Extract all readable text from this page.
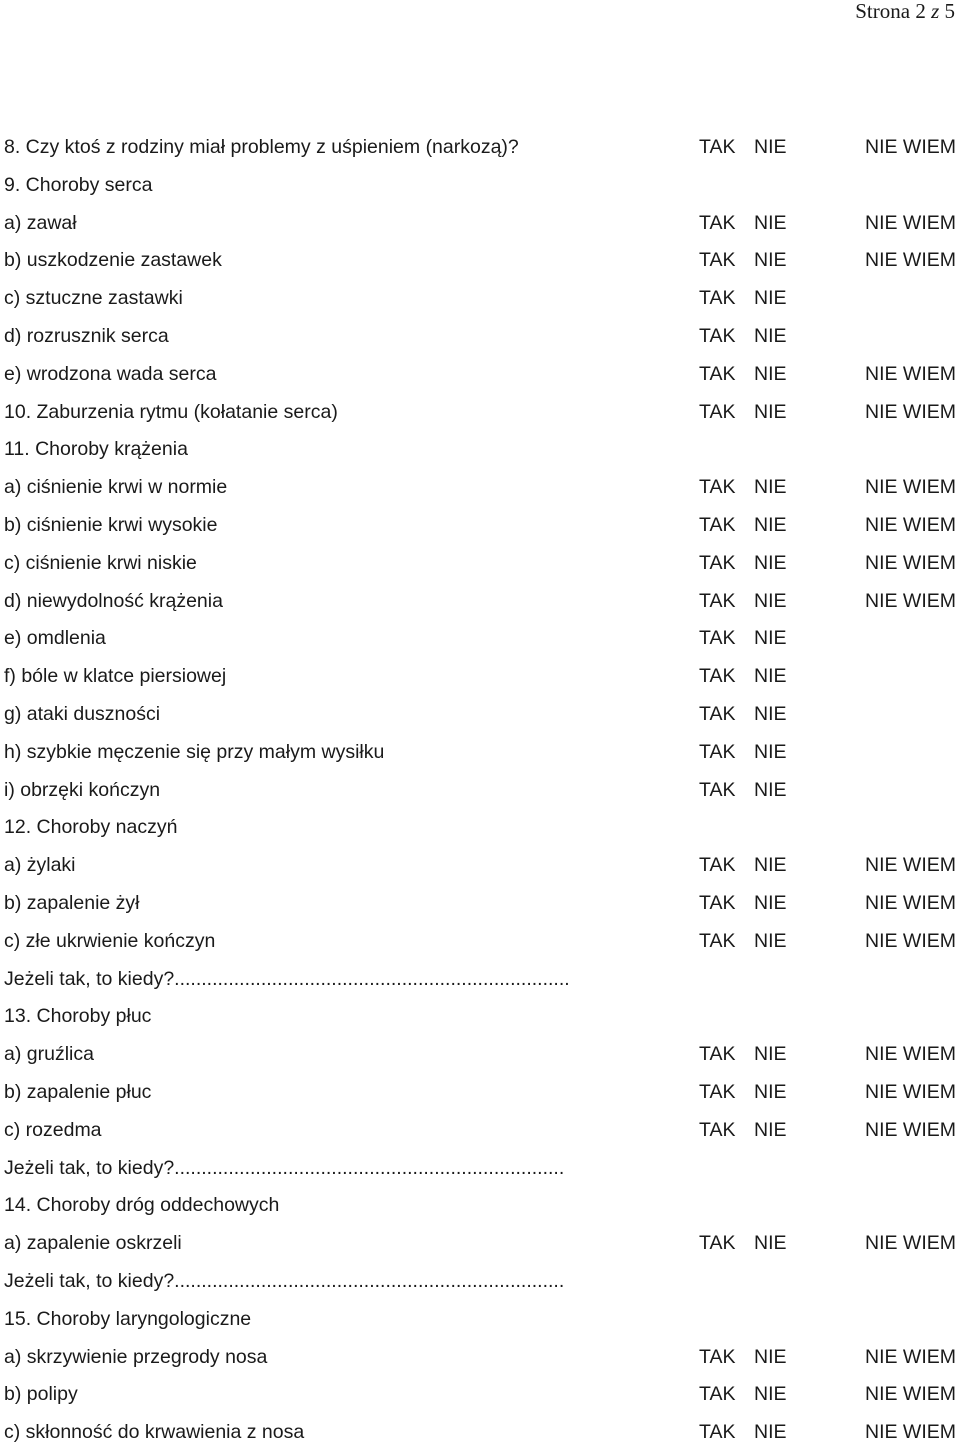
Strona 2 z 5
8. Czy ktoś z rodziny miał problemy z uśpieniem (narkozą)?	TAK NIE	NIE WIEM
9. Choroby serca
a) zawał	TAK NIE	NIE WIEM
b) uszkodzenie zastawek	TAK NIE	NIE WIEM
c) sztuczne zastawki	TAK NIE
d) rozrusznik serca	TAK NIE
e) wrodzona wada serca	TAK NIE	NIE WIEM
10. Zaburzenia rytmu (kołatanie serca)	TAK NIE	NIE WIEM
11. Choroby krążenia
a) ciśnienie krwi w normie	TAK NIE	NIE WIEM
b) ciśnienie krwi wysokie	TAK NIE	NIE WIEM
c) ciśnienie krwi niskie	TAK NIE	NIE WIEM
d) niewydolność krążenia	TAK NIE	NIE WIEM
e) omdlenia	TAK NIE
f) bóle w klatce piersiowej	TAK NIE
g) ataki duszności	TAK NIE
h) szybkie męczenie się przy małym wysiłku	TAK NIE
i) obrzęki kończyn	TAK NIE
12. Choroby naczyń
a) żylaki	TAK NIE	NIE WIEM
b) zapalenie żył	TAK NIE	NIE WIEM
c) złe ukrwienie kończyn	TAK NIE	NIE WIEM
Jeżeli tak, to kiedy?.........................................................................
13. Choroby płuc
a) gruźlica	TAK NIE	NIE WIEM
b) zapalenie płuc	TAK NIE	NIE WIEM
c) rozedma	TAK NIE	NIE WIEM
Jeżeli tak, to kiedy?........................................................................
14. Choroby dróg oddechowych
a) zapalenie oskrzeli	TAK NIE	NIE WIEM
Jeżeli tak, to kiedy?........................................................................
15. Choroby laryngologiczne
a) skrzywienie przegrody nosa	TAK NIE	NIE WIEM
b) polipy	TAK NIE	NIE WIEM
c) skłonność do krwawienia z nosa	TAK NIE	NIE WIEM
